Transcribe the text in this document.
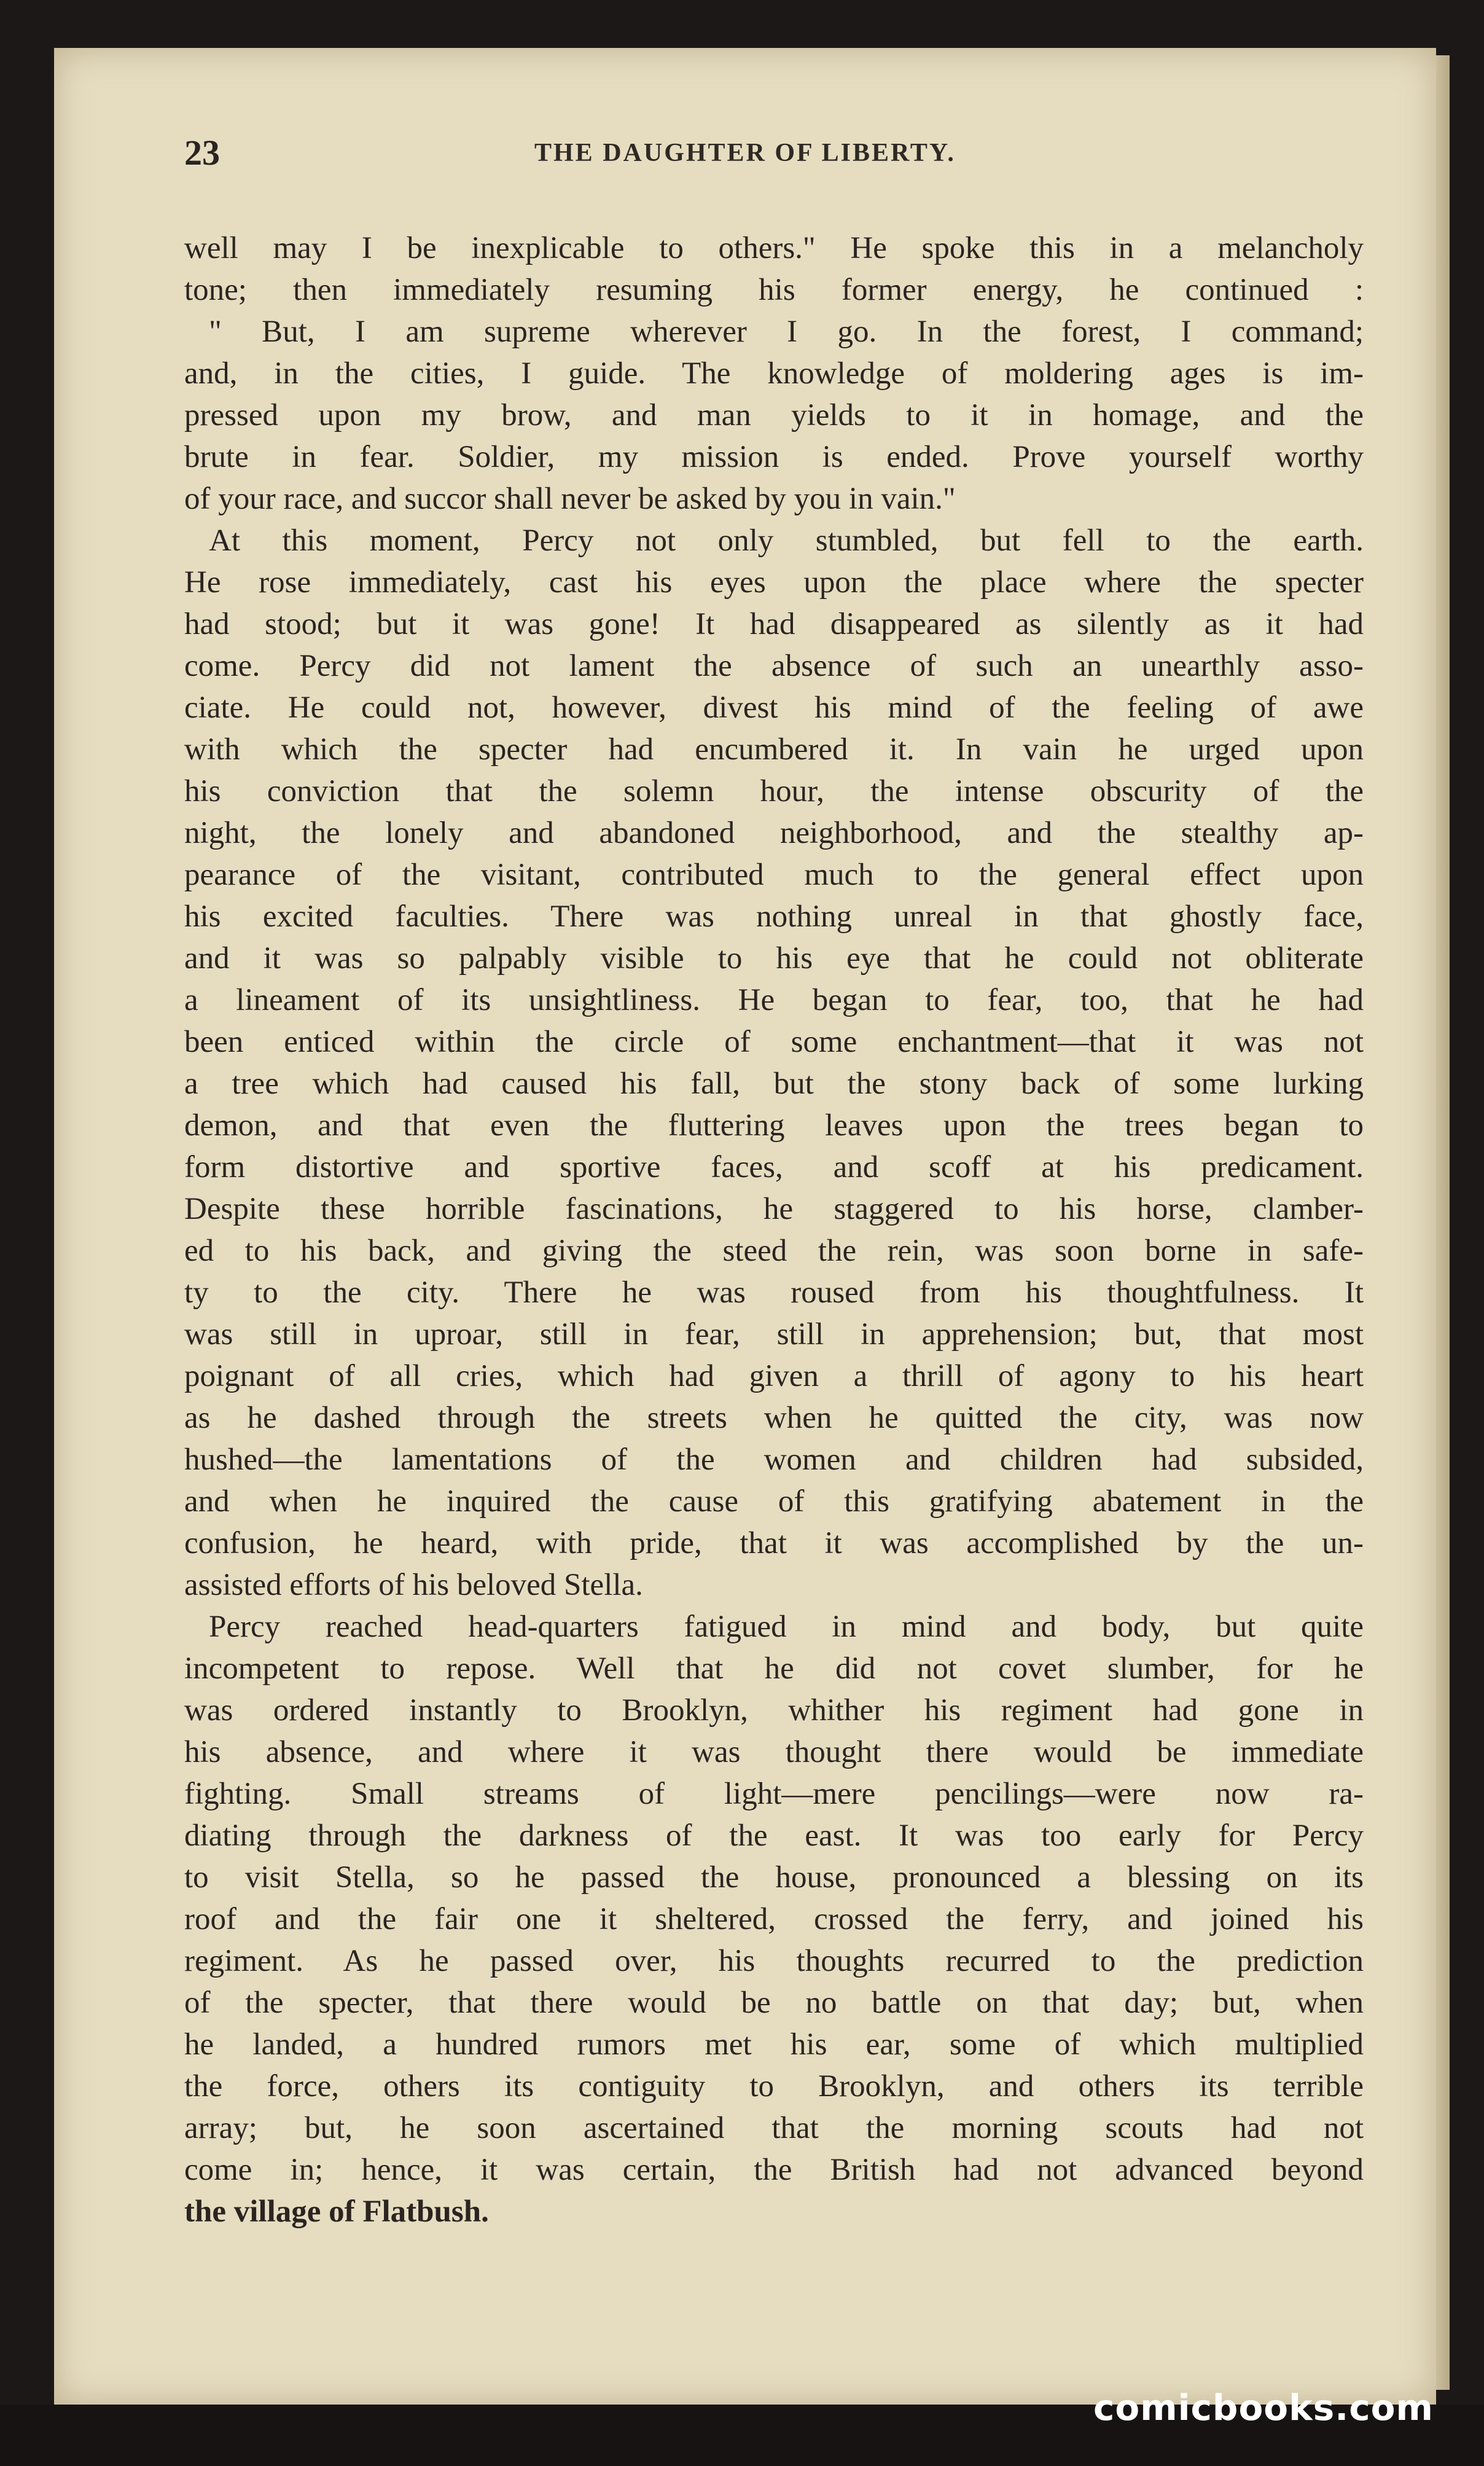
23	THE DAUGHTER OF LIBERTY.
well may I be inexplicable to others." He spoke this in a melancholy
tone; then immediately resuming his former energy, he continued :
" But, I am supreme wherever I go. In the forest, I command;
and, in the cities, I guide. The knowledge of moldering ages is im-
pressed upon my brow, and man yields to it in homage, and the
brute in fear. Soldier, my mission is ended. Prove yourself worthy
of your race, and succor shall never be asked by you in vain."
At this moment, Percy not only stumbled, but fell to the earth.
He rose immediately, cast his eyes upon the place where the specter
had stood; but it was gone! It had disappeared as silently as it had
come. Percy did not lament the absence of such an unearthly asso-
ciate. He could not, however, divest his mind of the feeling of awe
with which the specter had encumbered it. In vain he urged upon
his conviction that the solemn hour, the intense obscurity of the
night, the lonely and abandoned neighborhood, and the stealthy ap-
pearance of the visitant, contributed much to the general effect upon
his excited faculties. There was nothing unreal in that ghostly face,
and it was so palpably visible to his eye that he could not obliterate
a lineament of its unsightliness. He began to fear, too, that he had
been enticed within the circle of some enchantment—that it was not
a tree which had caused his fall, but the stony back of some lurking
demon, and that even the fluttering leaves upon the trees began to
form distortive and sportive faces, and scoff at his predicament.
Despite these horrible fascinations, he staggered to his horse, clamber-
ed to his back, and giving the steed the rein, was soon borne in safe-
ty to the city. There he was roused from his thoughtfulness. It
was still in uproar, still in fear, still in apprehension; but, that most
poignant of all cries, which had given a thrill of agony to his heart
as he dashed through the streets when he quitted the city, was now
hushed—the lamentations of the women and children had subsided,
and when he inquired the cause of this gratifying abatement in the
confusion, he heard, with pride, that it was accomplished by the un-
assisted efforts of his beloved Stella.
Percy reached head-quarters fatigued in mind and body, but quite
incompetent to repose. Well that he did not covet slumber, for he
was ordered instantly to Brooklyn, whither his regiment had gone in
his absence, and where it was thought there would be immediate
fighting. Small streams of light—mere pencilings—were now ra-
diating through the darkness of the east. It was too early for Percy
to visit Stella, so he passed the house, pronounced a blessing on its
roof and the fair one it sheltered, crossed the ferry, and joined his
regiment. As he passed over, his thoughts recurred to the prediction
of the specter, that there would be no battle on that day; but, when
he landed, a hundred rumors met his ear, some of which multiplied
the force, others its contiguity to Brooklyn, and others its terrible
array; but, he soon ascertained that the morning scouts had not
come in; hence, it was certain, the British had not advanced beyond
the village of Flatbush.
comicbooks.com
